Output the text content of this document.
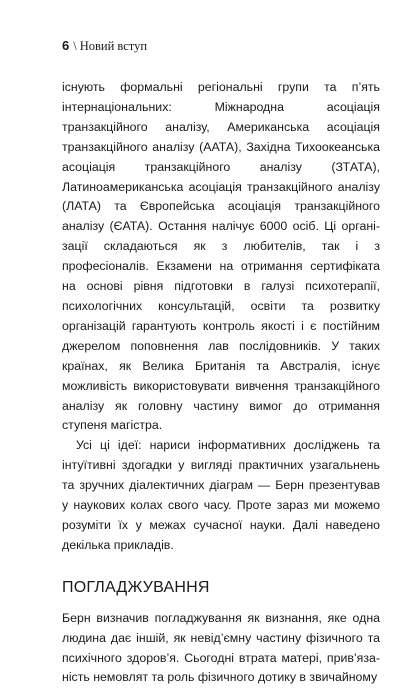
6 \ Новий вступ

існують формальні регіональні групи та п’ять інтернаціональних: Міжнародна асоціація транзакційного аналізу, Американська асоціація транзакційного аналізу (ААТА), Західна Тихоокеанська асоціація транзакційного аналізу (ЗТАТА), Латиноамериканська асоціація транзакційного аналізу (ЛАТА) та Європейська асоціація транзакційного аналізу (ЄАТА). Остання налічує 6000 осіб. Ці організації складаються як з любителів, так і з професіоналів. Екзамени на отримання сертифіката на основі рівня підготовки в галузі психотерапії, психологічних консультацій, освіти та розвитку організацій гарантують контроль якості і є постійним джерелом поповнення лав послідовників. У таких країнах, як Велика Британія та Австралія, існує можливість використовувати вивчення транзакційного аналізу як головну частину вимог до отримання ступеня магістра.

Усі ці ідеї: нариси інформативних досліджень та інтуїтивні здогадки у вигляді практичних узагальнень та зручних діалектичних діаграм — Берн презентував у наукових колах свого часу. Проте зараз ми можемо розуміти їх у межах сучасної науки. Далі наведено декілька прикладів.

ПОГЛАДЖУВАННЯ

Берн визначив погладжування як визнання, яке одна людина дає іншій, як невід’ємну частину фізичного та психічного здоров’я. Сьогодні втрата матері, прив’язaність немовлят та роль фізичного дотику в звичайному
